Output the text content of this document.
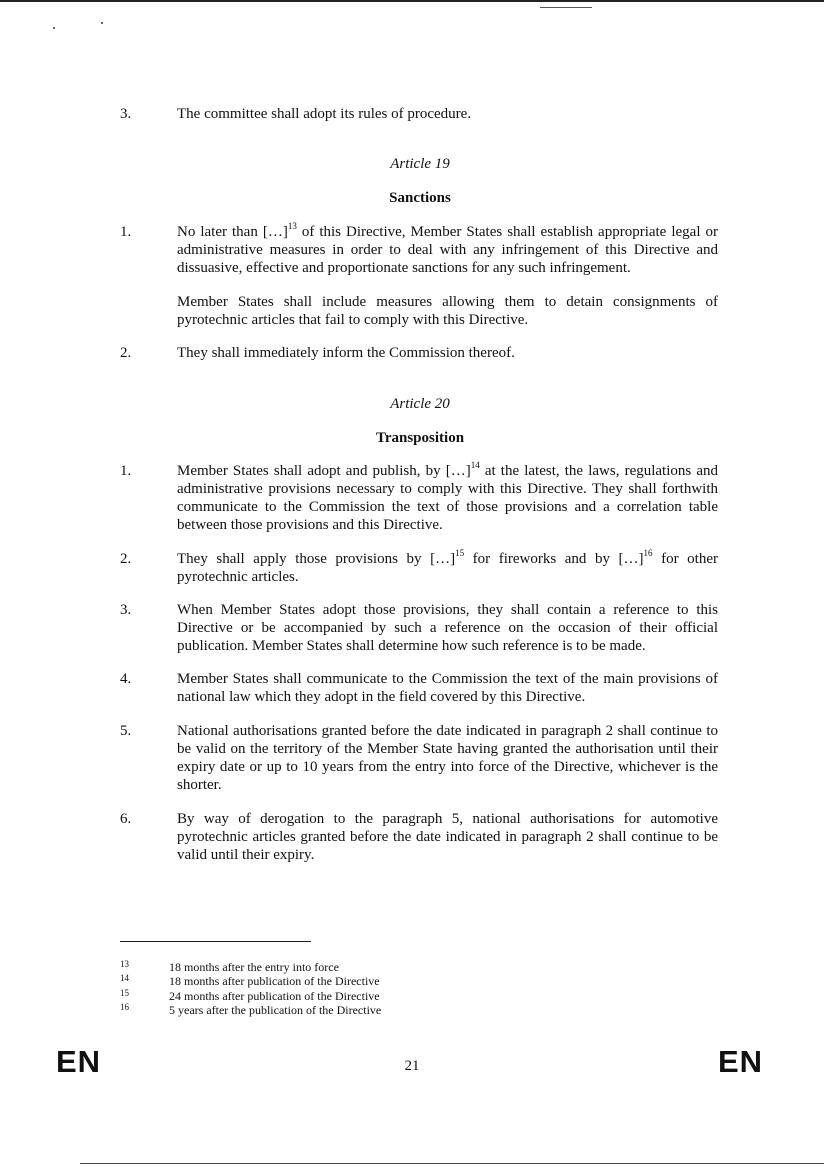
3.	The committee shall adopt its rules of procedure.
Article 19
Sanctions
1.	No later than […]$^{13}$ of this Directive, Member States shall establish appropriate legal or administrative measures in order to deal with any infringement of this Directive and dissuasive, effective and proportionate sanctions for any such infringement.
Member States shall include measures allowing them to detain consignments of pyrotechnic articles that fail to comply with this Directive.
2.	They shall immediately inform the Commission thereof.
Article 20
Transposition
1.	Member States shall adopt and publish, by […]$^{14}$ at the latest, the laws, regulations and administrative provisions necessary to comply with this Directive. They shall forthwith communicate to the Commission the text of those provisions and a correlation table between those provisions and this Directive.
2.	They shall apply those provisions by […]$^{15}$ for fireworks and by […]$^{16}$ for other pyrotechnic articles.
3.	When Member States adopt those provisions, they shall contain a reference to this Directive or be accompanied by such a reference on the occasion of their official publication. Member States shall determine how such reference is to be made.
4.	Member States shall communicate to the Commission the text of the main provisions of national law which they adopt in the field covered by this Directive.
5.	National authorisations granted before the date indicated in paragraph 2 shall continue to be valid on the territory of the Member State having granted the authorisation until their expiry date or up to 10 years from the entry into force of the Directive, whichever is the shorter.
6.	By way of derogation to the paragraph 5, national authorisations for automotive pyrotechnic articles granted before the date indicated in paragraph 2 shall continue to be valid until their expiry.
13	18 months after the entry into force
14	18 months after publication of the Directive
15	24 months after publication of the Directive
16	5 years after the publication of the Directive
EN	21	EN
